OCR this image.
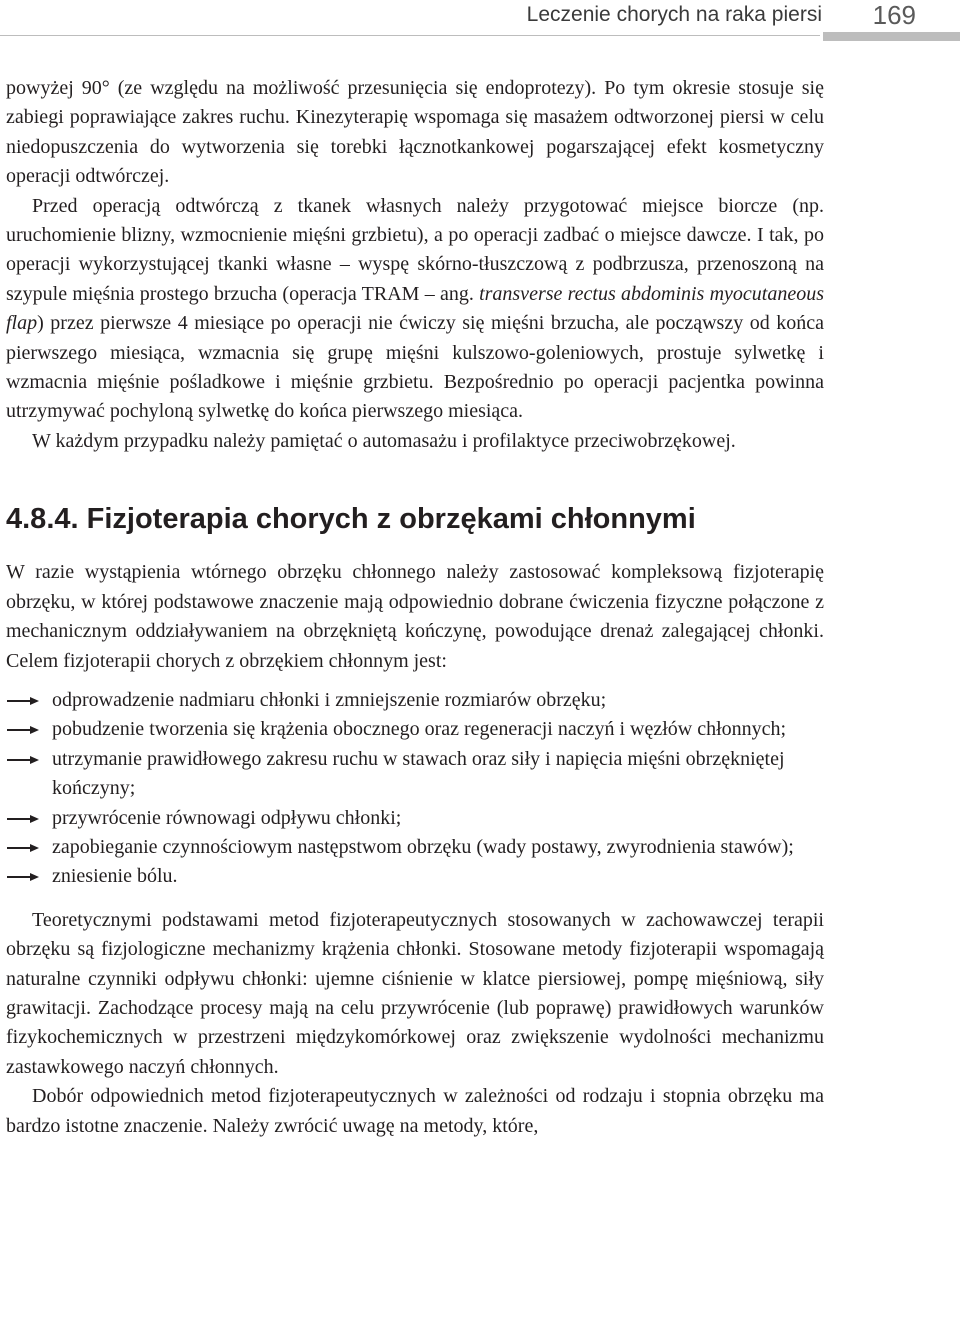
Leczenie chorych na raka piersi 169

powyżej 90° (ze względu na możliwość przesunięcia się endoprotezy). Po tym okresie stosuje się zabiegi poprawiające zakres ruchu. Kinezyterapię wspomaga się masażem odtworzonej piersi w celu niedopuszczenia do wytworzenia się torebki łącznotkankowej pogarszającej efekt kosmetyczny operacji odtwórczej.

Przed operacją odtwórczą z tkanek własnych należy przygotować miejsce biorcze (np. uruchomienie blizny, wzmocnienie mięśni grzbietu), a po operacji zadbać o miejsce dawcze. I tak, po operacji wykorzystującej tkanki własne – wyspę skórno-tłuszczową z podbrzusza, przenoszoną na szypule mięśnia prostego brzucha (operacja TRAM – ang. transverse rectus abdominis myocutaneous flap) przez pierwsze 4 miesiące po operacji nie ćwiczy się mięśni brzucha, ale począwszy od końca pierwszego miesiąca, wzmacnia się grupę mięśni kulszowo-goleniowych, prostuje sylwetkę i wzmacnia mięśnie pośladkowe i mięśnie grzbietu. Bezpośrednio po operacji pacjentka powinna utrzymywać pochyloną sylwetkę do końca pierwszego miesiąca.

W każdym przypadku należy pamiętać o automasażu i profilaktyce przeciwobrzękowej.

4.8.4. Fizjoterapia chorych z obrzękami chłonnymi

W razie wystąpienia wtórnego obrzęku chłonnego należy zastosować kompleksową fizjoterapię obrzęku, w której podstawowe znaczenie mają odpowiednio dobrane ćwiczenia fizyczne połączone z mechanicznym oddziaływaniem na obrzękniętą kończynę, powodujące drenaż zalegającej chłonki. Celem fizjoterapii chorych z obrzękiem chłonnym jest:

odprowadzenie nadmiaru chłonki i zmniejszenie rozmiarów obrzęku;
pobudzenie tworzenia się krążenia obocznego oraz regeneracji naczyń i węzłów chłonnych;
utrzymanie prawidłowego zakresu ruchu w stawach oraz siły i napięcia mięśni obrzękniętej kończyny;
przywrócenie równowagi odpływu chłonki;
zapobieganie czynnościowym następstwom obrzęku (wady postawy, zwyrodnienia stawów);
zniesienie bólu.

Teoretycznymi podstawami metod fizjoterapeutycznych stosowanych w zachowawczej terapii obrzęku są fizjologiczne mechanizmy krążenia chłonki. Stosowane metody fizjoterapii wspomagają naturalne czynniki odpływu chłonki: ujemne ciśnienie w klatce piersiowej, pompę mięśniową, siły grawitacji. Zachodzące procesy mają na celu przywrócenie (lub poprawę) prawidłowych warunków fizykochemicznych w przestrzeni międzykomórkowej oraz zwiększenie wydolności mechanizmu zastawkowego naczyń chłonnych.

Dobór odpowiednich metod fizjoterapeutycznych w zależności od rodzaju i stopnia obrzęku ma bardzo istotne znaczenie. Należy zwrócić uwagę na metody, które,
